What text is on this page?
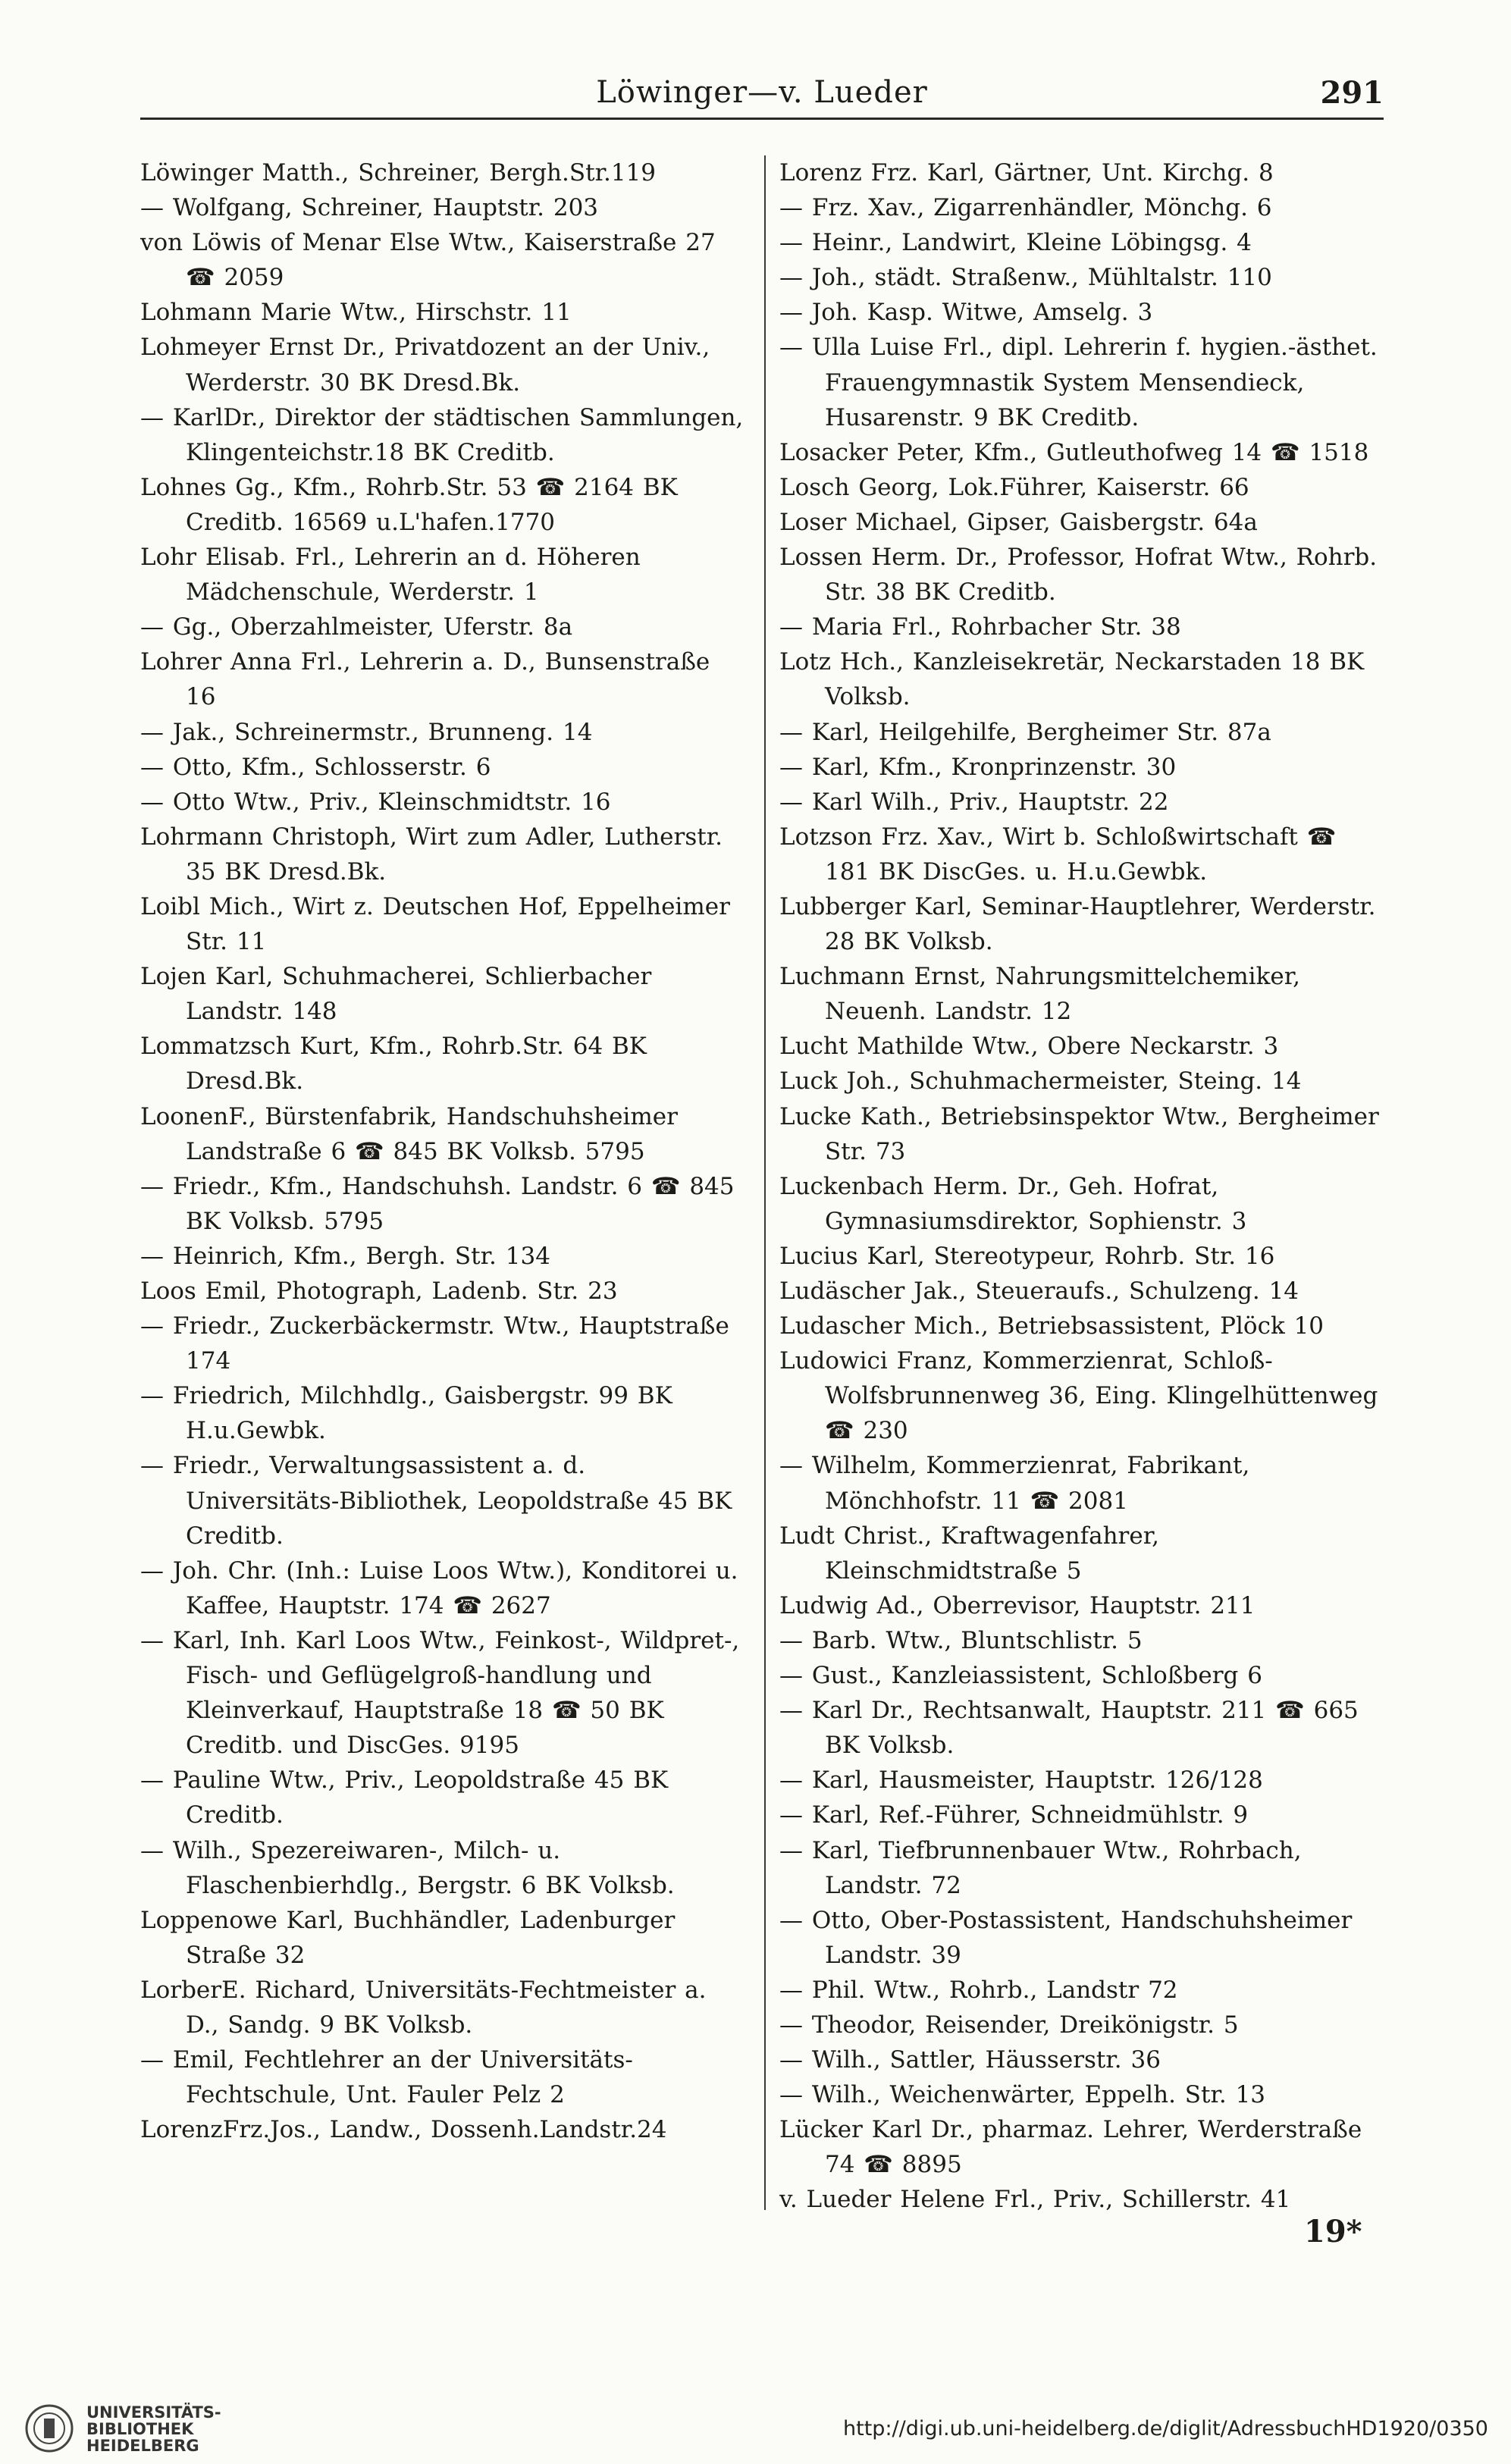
Löwinger—v. Lueder	291
Löwinger Matth., Schreiner, Bergh.Str.119
— Wolfgang, Schreiner, Hauptstr. 203
von Löwis of Menar Else Wtw., Kaiserstraße 27 ☎ 2059
Lohmann Marie Wtw., Hirschstr. 11
Lohmeyer Ernst Dr., Privatdozent an der Univ., Werderstr. 30 BK Dresd.Bk.
— KarlDr., Direktor der städtischen Sammlungen, Klingenteichstr.18 BK Creditb.
Lohnes Gg., Kfm., Rohrb.Str. 53 ☎ 2164 BK Creditb. 16569 u.L'hafen.1770
Lohr Elisab. Frl., Lehrerin an d. Höheren Mädchenschule, Werderstr. 1
— Gg., Oberzahlmeister, Uferstr. 8a
Lohrer Anna Frl., Lehrerin a. D., Bunsenstraße 16
— Jak., Schreinermstr., Brunneng. 14
— Otto, Kfm., Schlosserstr. 6
— Otto Wtw., Priv., Kleinschmidtstr. 16
Lohrmann Christoph, Wirt zum Adler, Lutherstr. 35 BK Dresd.Bk.
Loibl Mich., Wirt z. Deutschen Hof, Eppelheimer Str. 11
Lojen Karl, Schuhmacherei, Schlierbacher Landstr. 148
Lommatzsch Kurt, Kfm., Rohrb.Str. 64 BK Dresd.Bk.
LoonenF., Bürstenfabrik, Handschuhsheimer Landstraße 6 ☎ 845 BK Volksb. 5795
— Friedr., Kfm., Handschuhsh. Landstr. 6 ☎ 845 BK Volksb. 5795
— Heinrich, Kfm., Bergh. Str. 134
Loos Emil, Photograph, Ladenb. Str. 23
— Friedr., Zuckerbäckermstr. Wtw., Hauptstraße 174
— Friedrich, Milchhdlg., Gaisbergstr. 99 BK H.u.Gewbk.
— Friedr., Verwaltungsassistent a. d. Universitäts-Bibliothek, Leopoldstraße 45 BK Creditb.
— Joh. Chr. (Inh.: Luise Loos Wtw.), Konditorei u. Kaffee, Hauptstr. 174 ☎ 2627
— Karl, Inh. Karl Loos Wtw., Feinkost-, Wildpret-, Fisch- und Geflügelgroß-handlung und Kleinverkauf, Hauptstraße 18 ☎ 50 BK Creditb. und DiscGes. 9195
— Pauline Wtw., Priv., Leopoldstraße 45 BK Creditb.
— Wilh., Spezereiwaren-, Milch- u. Flaschenbierhdlg., Bergstr. 6 BK Volksb.
Loppenowe Karl, Buchhändler, Ladenburger Straße 32
LorberE. Richard, Universitäts-Fechtmeister a. D., Sandg. 9 BK Volksb.
— Emil, Fechtlehrer an der Universitäts-Fechtschule, Unt. Fauler Pelz 2
LorenzFrz.Jos., Landw., Dossenh.Landstr.24
Lorenz Frz. Karl, Gärtner, Unt. Kirchg. 8
— Frz. Xav., Zigarrenhändler, Mönchg. 6
— Heinr., Landwirt, Kleine Löbingsg. 4
— Joh., städt. Straßenw., Mühltalstr. 110
— Joh. Kasp. Witwe, Amselg. 3
— Ulla Luise Frl., dipl. Lehrerin f. hygien.-ästhet. Frauengymnastik System Mensendieck, Husarenstr. 9 BK Creditb.
Losacker Peter, Kfm., Gutleuthofweg 14 ☎ 1518
Losch Georg, Lok.Führer, Kaiserstr. 66
Loser Michael, Gipser, Gaisbergstr. 64a
Lossen Herm. Dr., Professor, Hofrat Wtw., Rohrb. Str. 38 BK Creditb.
— Maria Frl., Rohrbacher Str. 38
Lotz Hch., Kanzleisekretär, Neckarstaden 18 BK Volksb.
— Karl, Heilgehilfe, Bergheimer Str. 87a
— Karl, Kfm., Kronprinzenstr. 30
— Karl Wilh., Priv., Hauptstr. 22
Lotzson Frz. Xav., Wirt b. Schloßwirtschaft ☎ 181 BK DiscGes. u. H.u.Gewbk.
Lubberger Karl, Seminar-Hauptlehrer, Werderstr. 28 BK Volksb.
Luchmann Ernst, Nahrungsmittelchemiker, Neuenh. Landstr. 12
Lucht Mathilde Wtw., Obere Neckarstr. 3
Luck Joh., Schuhmachermeister, Steing. 14
Lucke Kath., Betriebsinspektor Wtw., Bergheimer Str. 73
Luckenbach Herm. Dr., Geh. Hofrat, Gymnasiumsdirektor, Sophienstr. 3
Lucius Karl, Stereotypeur, Rohrb. Str. 16
Ludäscher Jak., Steueraufs., Schulzeng. 14
Ludascher Mich., Betriebsassistent, Plöck 10
Ludowici Franz, Kommerzienrat, Schloß-Wolfsbrunnenweg 36, Eing. Klingelhüttenweg ☎ 230
— Wilhelm, Kommerzienrat, Fabrikant, Mönchhofstr. 11 ☎ 2081
Ludt Christ., Kraftwagenfahrer, Kleinschmidtstraße 5
Ludwig Ad., Oberrevisor, Hauptstr. 211
— Barb. Wtw., Bluntschlistr. 5
— Gust., Kanzleiassistent, Schloßberg 6
— Karl Dr., Rechtsanwalt, Hauptstr. 211 ☎ 665 BK Volksb.
— Karl, Hausmeister, Hauptstr. 126/128
— Karl, Ref.-Führer, Schneidmühlstr. 9
— Karl, Tiefbrunnenbauer Wtw., Rohrbach, Landstr. 72
— Otto, Ober-Postassistent, Handschuhsheimer Landstr. 39
— Phil. Wtw., Rohrb., Landstr 72
— Theodor, Reisender, Dreikönigstr. 5
— Wilh., Sattler, Häusserstr. 36
— Wilh., Weichenwärter, Eppelh. Str. 13
Lücker Karl Dr., pharmaz. Lehrer, Werderstraße 74 ☎ 8895
v. Lueder Helene Frl., Priv., Schillerstr. 41
19*
UNIVERSITÄTS-
BIBLIOTHEK
HEIDELBERG
http://digi.ub.uni-heidelberg.de/diglit/AdressbuchHD1920/0350
